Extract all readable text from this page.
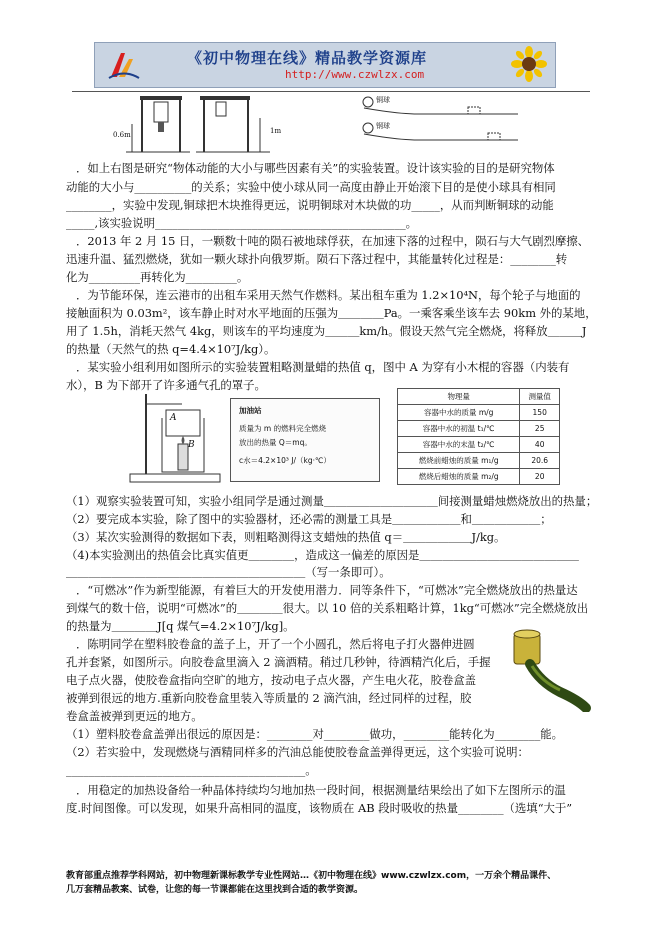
《初中物理在线》精品教学资源库
http://www.czwlzx.com
0.6m	1m
铜球
钢球
．如上右图是研究“物体动能的大小与哪些因素有关”的实验装置。设计该实验的目的是研究物体
动能的大小与__________的关系；实验中使小球从同一高度由静止开始滚下目的是使小球具有相同
________，实验中发现,铜球把木块推得更远，说明铜球对木块做的功_____，从而判断铜球的动能
_____,该实验说明____________________________________________。
．2013 年 2 月 15 日，一颗数十吨的陨石被地球俘获，在加速下落的过程中，陨石与大气剧烈摩擦、
迅速升温、猛烈燃烧，犹如一颗火球扑向俄罗斯。陨石下落过程中，其能量转化过程是：________转
化为_________再转化为_________。
．为节能环保，连云港市的出租车采用天然气作燃料。某出租车重为 1.2×10⁴N，每个轮子与地面的
接触面积为 0.03m²，该车静止时对水平地面的压强为＿＿＿＿Pa。一乘客乘坐该车去 90km 外的某地，
用了 1.5h，消耗天然气 4kg，则该车的平均速度为＿＿＿km/h。假设天然气完全燃烧，将释放＿＿＿J
的热量（天然气的热 q=4.4×10⁷J/kg）。
．某实验小组利用如图所示的实验装置粗略测量蜡的热值 q，图中 A 为穿有小木棍的容器（内装有
水），B 为下部开了许多通气孔的罩子。
A
B
加油站
质量为 m 的燃料完全燃烧
放出的热量 Q＝mq。
c水＝4.2×10³ J/（kg·℃）
物理量	测量值
容器中水的质量 m/g	150
容器中水的初温 t₁/℃	25
容器中水的末温 t₂/℃	40
燃烧前蜡烛的质量 m₁/g	20.6
燃烧后蜡烛的质量 m₂/g	20
（1）观察实验装置可知，实验小组同学是通过测量＿＿＿＿＿＿＿＿＿＿间接测量蜡烛燃烧放出的热量；
（2）要完成本实验，除了图中的实验器材，还必需的测量工具是＿＿＿＿＿＿和＿＿＿＿＿＿；
（3）某次实验测得的数据如下表，则粗略测得这支蜡烛的热值 q＝＿＿＿＿＿＿J/kg。
（4)本实验测出的热值会比真实值更＿＿＿＿，造成这一偏差的原因是＿＿＿＿＿＿＿＿＿＿＿＿＿＿
＿＿＿＿＿＿＿＿＿＿＿＿＿＿＿＿＿＿＿＿＿（写一条即可）。
．“可燃冰”作为新型能源，有着巨大的开发使用潜力．同等条件下，“可燃冰”完全燃烧放出的热量达
到煤气的数十倍，说明“可燃冰”的＿＿＿＿很大。以 10 倍的关系粗略计算，1kg“可燃冰”完全燃烧放出
的热量为＿＿＿＿J[q 煤气=4.2×10⁷J/kg]。
．陈明同学在塑料胶卷盒的盖子上，开了一个小圆孔，然后将电子打火器伸进圆
孔并套紧，如图所示。向胶卷盒里滴入 2 滴酒精。稍过几秒钟，待酒精汽化后，手握
电子点火器，使胶卷盒指向空旷的地方，按动电子点火器，产生电火花，胶卷盒盖
被弹到很远的地方.重新向胶卷盒里装入等质量的 2 滴汽油，经过同样的过程，胶
卷盒盖被弹到更远的地方。
（1）塑料胶卷盒盖弹出很远的原因是：________对________做功，________能转化为________能。
（2）若实验中，发现燃烧与酒精同样多的汽油总能使胶卷盒盖弹得更远，这个实验可说明：
__________________________________________。
．用稳定的加热设备给一种晶体持续均匀地加热一段时间，根据测量结果绘出了如下左图所示的温
度.时间图像。可以发现，如果升高相同的温度，该物质在 AB 段时吸收的热量________（选填“大于”
教育部重点推荐学科网站，初中物理新课标教学专业性网站…《初中物理在线》www.czwlzx.com，一万余个精品课件、
几万套精品教案、试卷，让您的每一节课都能在这里找到合适的教学资源。
